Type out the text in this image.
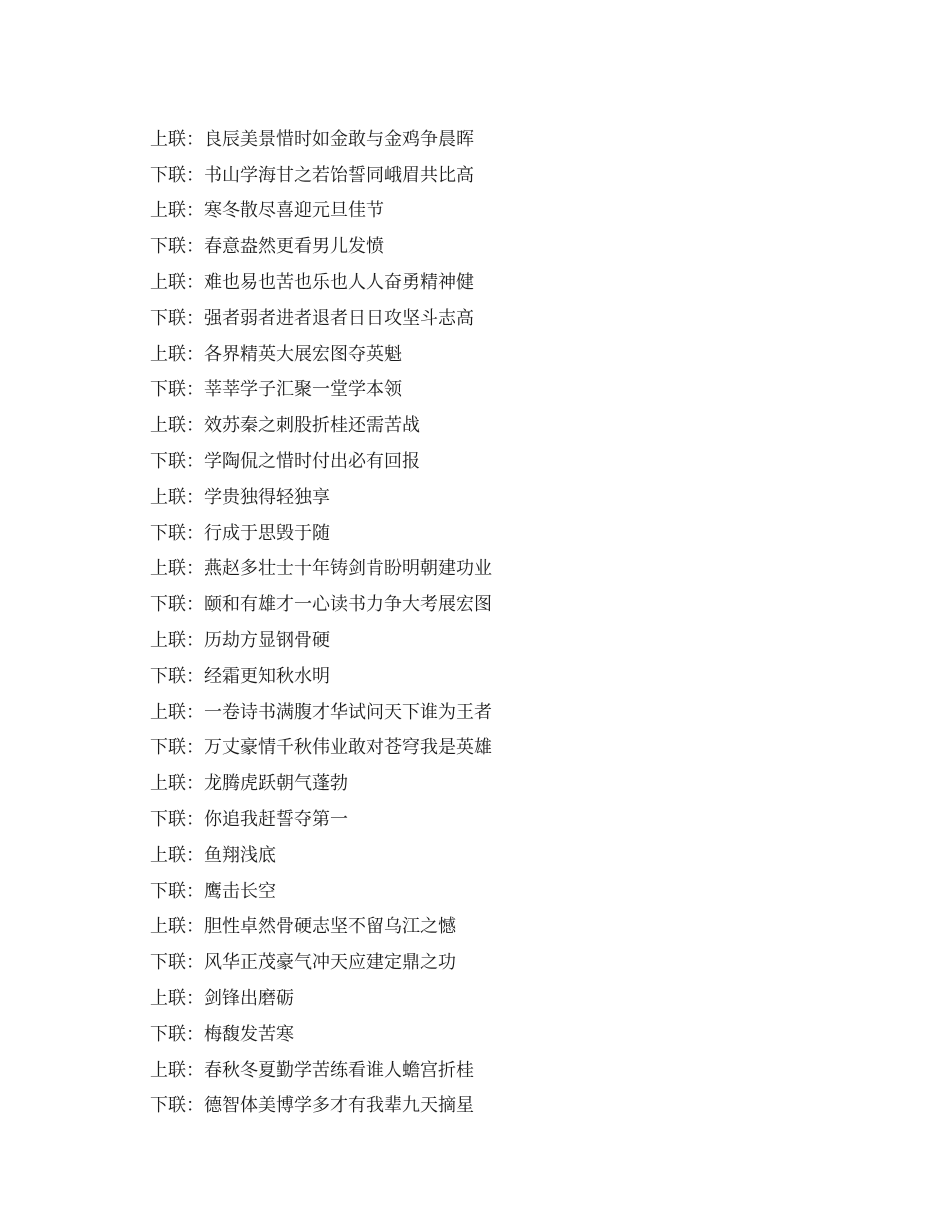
上联： 良辰美景惜时如金敢与金鸡争晨晖
下联： 书山学海甘之若饴誓同峨眉共比高
上联： 寒冬散尽喜迎元旦佳节
下联： 春意盎然更看男儿发愤
上联： 难也易也苦也乐也人人奋勇精神健
下联： 强者弱者进者退者日日攻坚斗志高
上联： 各界精英大展宏图夺英魁
下联： 莘莘学子汇聚一堂学本领
上联： 效苏秦之刺股折桂还需苦战
下联： 学陶侃之惜时付出必有回报
上联： 学贵独得轻独享
下联： 行成于思毁于随
上联： 燕赵多壮士十年铸剑肯盼明朝建功业
下联： 颐和有雄才一心读书力争大考展宏图
上联： 历劫方显钢骨硬
下联： 经霜更知秋水明
上联： 一卷诗书满腹才华试问天下谁为王者
下联： 万丈豪情千秋伟业敢对苍穹我是英雄
上联： 龙腾虎跃朝气蓬勃
下联： 你追我赶誓夺第一
上联： 鱼翔浅底
下联： 鹰击长空
上联： 胆性卓然骨硬志坚不留乌江之憾
下联： 风华正茂豪气冲天应建定鼎之功
上联： 剑锋出磨砺
下联： 梅馥发苦寒
上联： 春秋冬夏勤学苦练看谁人蟾宫折桂
下联： 德智体美博学多才有我辈九天摘星
